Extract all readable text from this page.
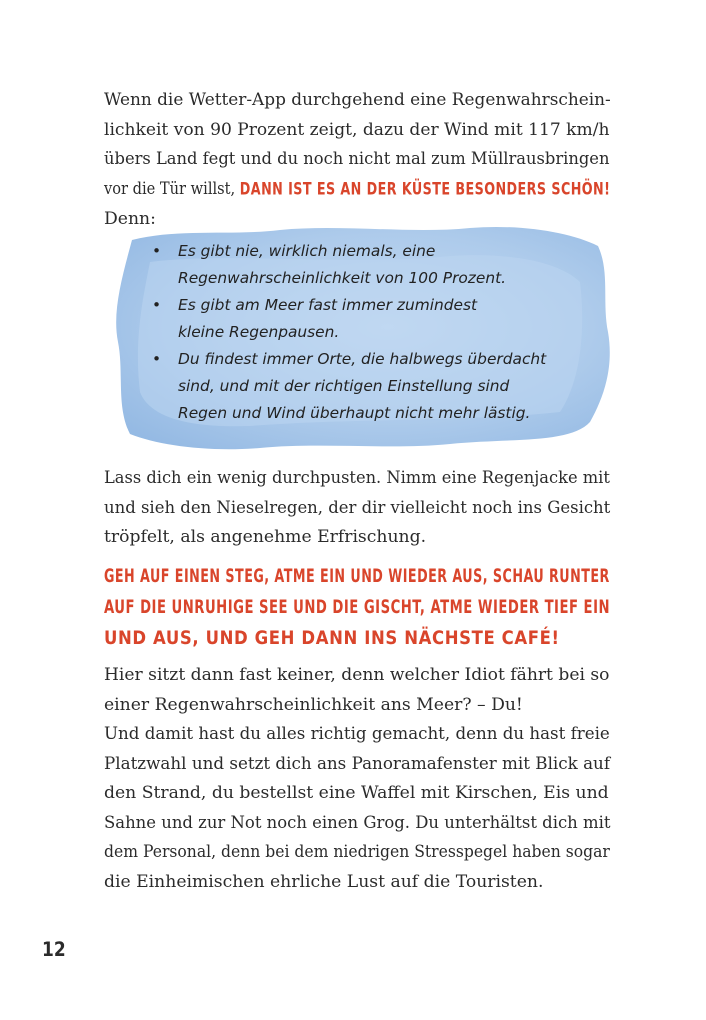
Wenn die Wetter-App durchgehend eine Regenwahrschein-
lichkeit von 90 Prozent zeigt, dazu der Wind mit 117 km/h
übers Land fegt und du noch nicht mal zum Müllrausbringen
vor die Tür willst, DANN IST ES AN DER KÜSTE BESONDERS SCHÖN!
Denn:
• Es gibt nie, wirklich niemals, eine
Regenwahrscheinlichkeit von 100 Prozent.
• Es gibt am Meer fast immer zumindest
kleine Regenpausen.
• Du findest immer Orte, die halbwegs überdacht
sind, und mit der richtigen Einstellung sind
Regen und Wind überhaupt nicht mehr lästig.
Lass dich ein wenig durchpusten. Nimm eine Regenjacke mit
und sieh den Nieselregen, der dir vielleicht noch ins Gesicht
tröpfelt, als angenehme Erfrischung.
GEH AUF EINEN STEG, ATME EIN UND WIEDER AUS, SCHAU RUNTER
AUF DIE UNRUHIGE SEE UND DIE GISCHT, ATME WIEDER TIEF EIN
UND AUS, UND GEH DANN INS NÄCHSTE CAFÉ!
Hier sitzt dann fast keiner, denn welcher Idiot fährt bei so
einer Regenwahrscheinlichkeit ans Meer? – Du!
Und damit hast du alles richtig gemacht, denn du hast freie
Platzwahl und setzt dich ans Panoramafenster mit Blick auf
den Strand, du bestellst eine Waffel mit Kirschen, Eis und
Sahne und zur Not noch einen Grog. Du unterhältst dich mit
dem Personal, denn bei dem niedrigen Stresspegel haben sogar
die Einheimischen ehrliche Lust auf die Touristen.
12
